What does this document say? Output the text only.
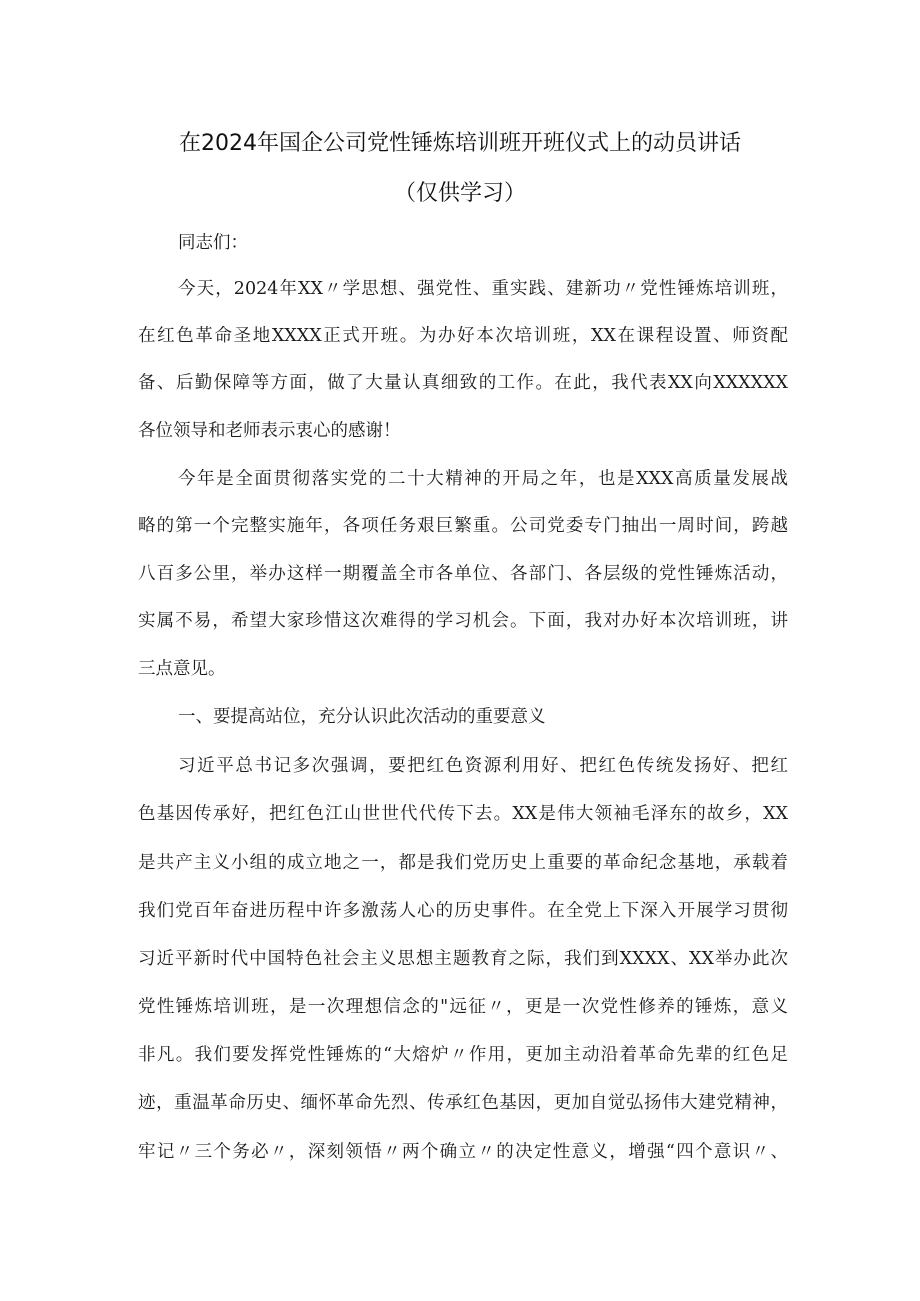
在2024年国企公司党性锤炼培训班开班仪式上的动员讲话
（仅供学习）
同志们：
今天，2024年XX〃学思想、强党性、重实践、建新功〃党性锤炼培训班，
在红色革命圣地XXXX正式开班。为办好本次培训班，XX在课程设置、师资配
备、后勤保障等方面，做了大量认真细致的工作。在此，我代表XX向XXXXXX
各位领导和老师表示衷心的感谢！
今年是全面贯彻落实党的二十大精神的开局之年，也是XXX高质量发展战
略的第一个完整实施年，各项任务艰巨繁重。公司党委专门抽出一周时间，跨越
八百多公里，举办这样一期覆盖全市各单位、各部门、各层级的党性锤炼活动，
实属不易，希望大家珍惜这次难得的学习机会。下面，我对办好本次培训班，讲
三点意见。
一、要提高站位，充分认识此次活动的重要意义
习近平总书记多次强调，要把红色资源利用好、把红色传统发扬好、把红
色基因传承好，把红色江山世世代代传下去。XX是伟大领袖毛泽东的故乡，XX
是共产主义小组的成立地之一，都是我们党历史上重要的革命纪念基地，承载着
我们党百年奋进历程中许多激荡人心的历史事件。在全党上下深入开展学习贯彻
习近平新时代中国特色社会主义思想主题教育之际，我们到XXXX、XX举办此次
党性锤炼培训班，是一次理想信念的"远征〃，更是一次党性修养的锤炼，意义
非凡。我们要发挥党性锤炼的“大熔炉〃作用，更加主动沿着革命先辈的红色足
迹，重温革命历史、缅怀革命先烈、传承红色基因，更加自觉弘扬伟大建党精神，
牢记〃三个务必〃，深刻领悟〃两个确立〃的决定性意义，增强“四个意识〃、
